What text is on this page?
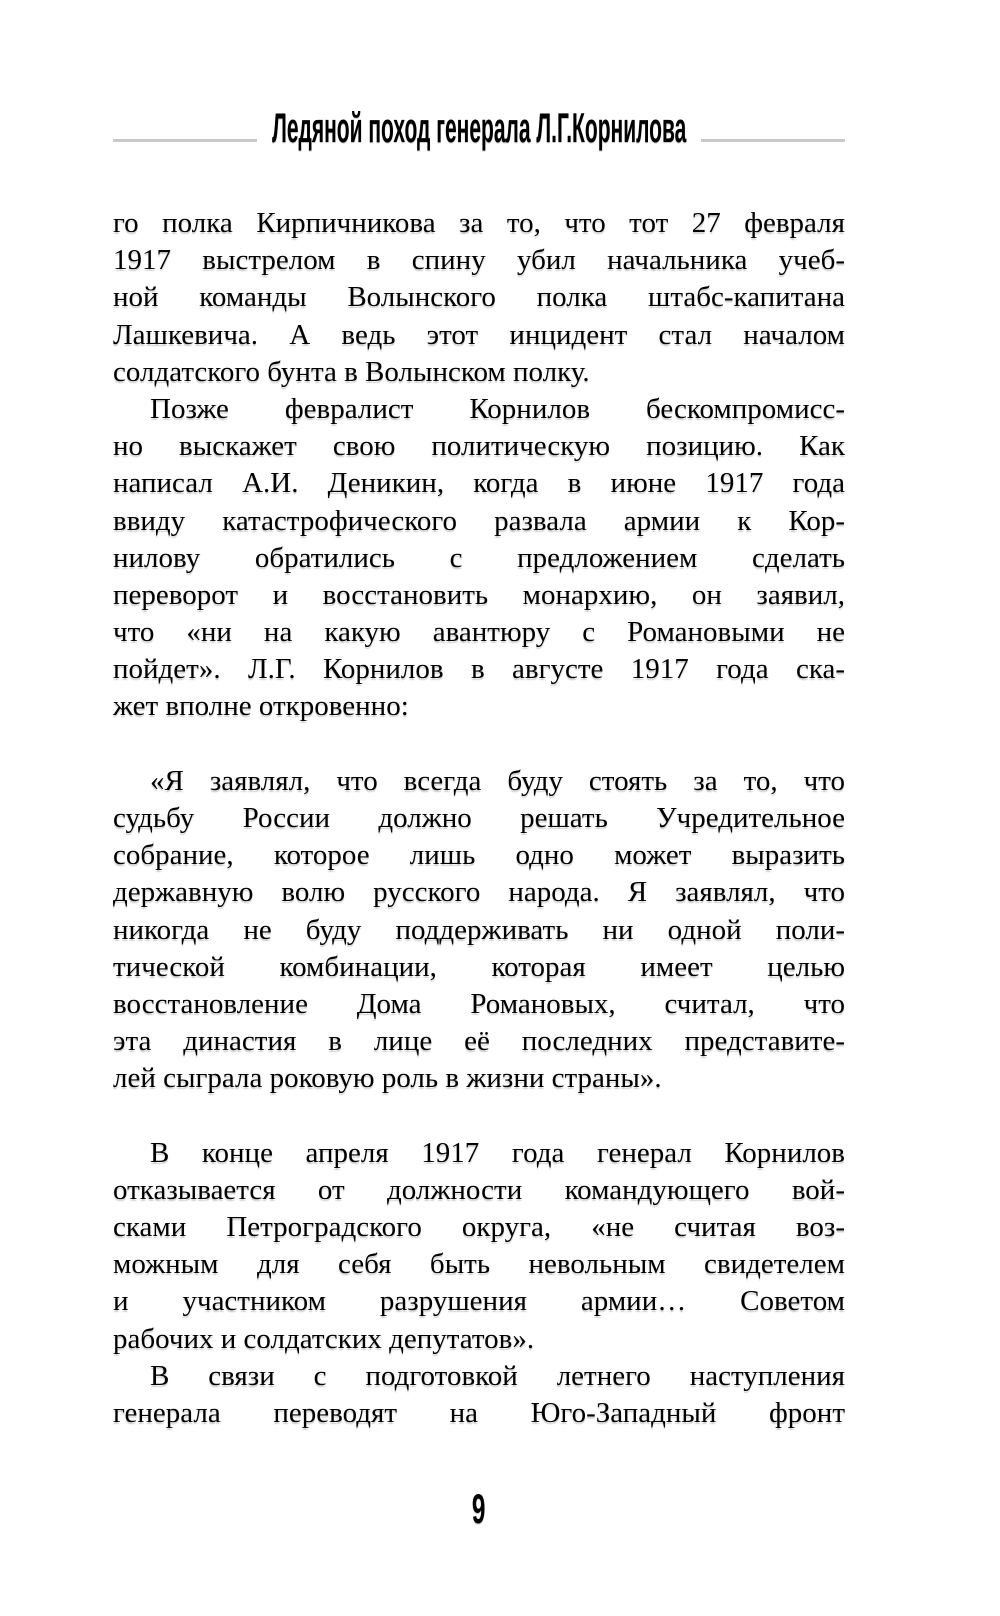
Ледяной поход генерала Л.Г.Корнилова
го полка Кирпичникова за то, что тот 27 февраля
1917 выстрелом в спину убил начальника учеб-
ной команды Волынского полка штабс-капитана
Лашкевича. А ведь этот инцидент стал началом
солдатского бунта в Волынском полку.
Позже февралист Корнилов бескомпромисс-
но выскажет свою политическую позицию. Как
написал А.И. Деникин, когда в июне 1917 года
ввиду катастрофического развала армии к Кор-
нилову обратились с предложением сделать
переворот и восстановить монархию, он заявил,
что «ни на какую авантюру с Романовыми не
пойдет». Л.Г. Корнилов в августе 1917 года ска-
жет вполне откровенно:
«Я заявлял, что всегда буду стоять за то, что
судьбу России должно решать Учредительное
собрание, которое лишь одно может выразить
державную волю русского народа. Я заявлял, что
никогда не буду поддерживать ни одной поли-
тической комбинации, которая имеет целью
восстановление Дома Романовых, считал, что
эта династия в лице её последних представите-
лей сыграла роковую роль в жизни страны».
В конце апреля 1917 года генерал Корнилов
отказывается от должности командующего вой-
сками Петроградского округа, «не считая воз-
можным для себя быть невольным свидетелем
и участником разрушения армии… Советом
рабочих и солдатских депутатов».
В связи с подготовкой летнего наступления
генерала переводят на Юго-Западный фронт
9
